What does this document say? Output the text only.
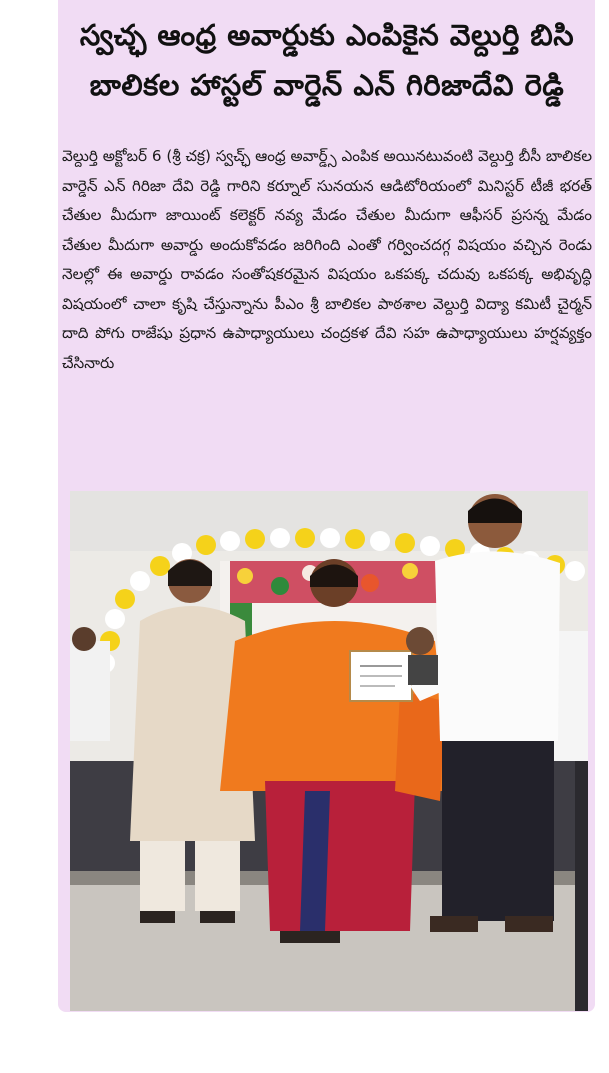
స్వచ్ఛ ఆంధ్ర అవార్డుకు ఎంపికైన వెల్దుర్తి బిసి
బాలికల హాస్టల్ వార్డెన్ ఎన్ గిరిజాదేవి రెడ్డి

వెల్దుర్తి అక్టోబర్ 6 (శ్రీ చక్ర) స్వచ్ఛ్ ఆంధ్ర అవార్డ్స్ ఎంపిక అయినటువంటి వెల్దుర్తి బీసీ బాలికల వార్డెన్ ఎన్ గిరిజా దేవి రెడ్డి గారిని కర్నూల్ సునయన ఆడిటోరియంలో మినిస్టర్ టీజీ భరత్ చేతుల మీదుగా జాయింట్ కలెక్టర్ నవ్య మేడం చేతుల మీదుగా ఆఫీసర్ ప్రసన్న మేడం చేతుల మీదుగా అవార్డు అందుకోవడం జరిగింది ఎంతో గర్వించదగ్గ విషయం వచ్చిన రెండు నెలల్లో ఈ అవార్డు రావడం సంతోషకరమైన విషయం ఒకపక్క చదువు ఒకపక్క అభివృద్ధి విషయంలో చాలా కృషి చేస్తున్నాను పీఎం శ్రీ బాలికల పాఠశాల వెల్దుర్తి విద్యా కమిటీ చైర్మన్ దాది పోగు రాజేషు ప్రధాన ఉపాధ్యాయులు చంద్రకళ దేవి సహ ఉపాధ్యాయులు హర్షవ్యక్తం చేసినారు
